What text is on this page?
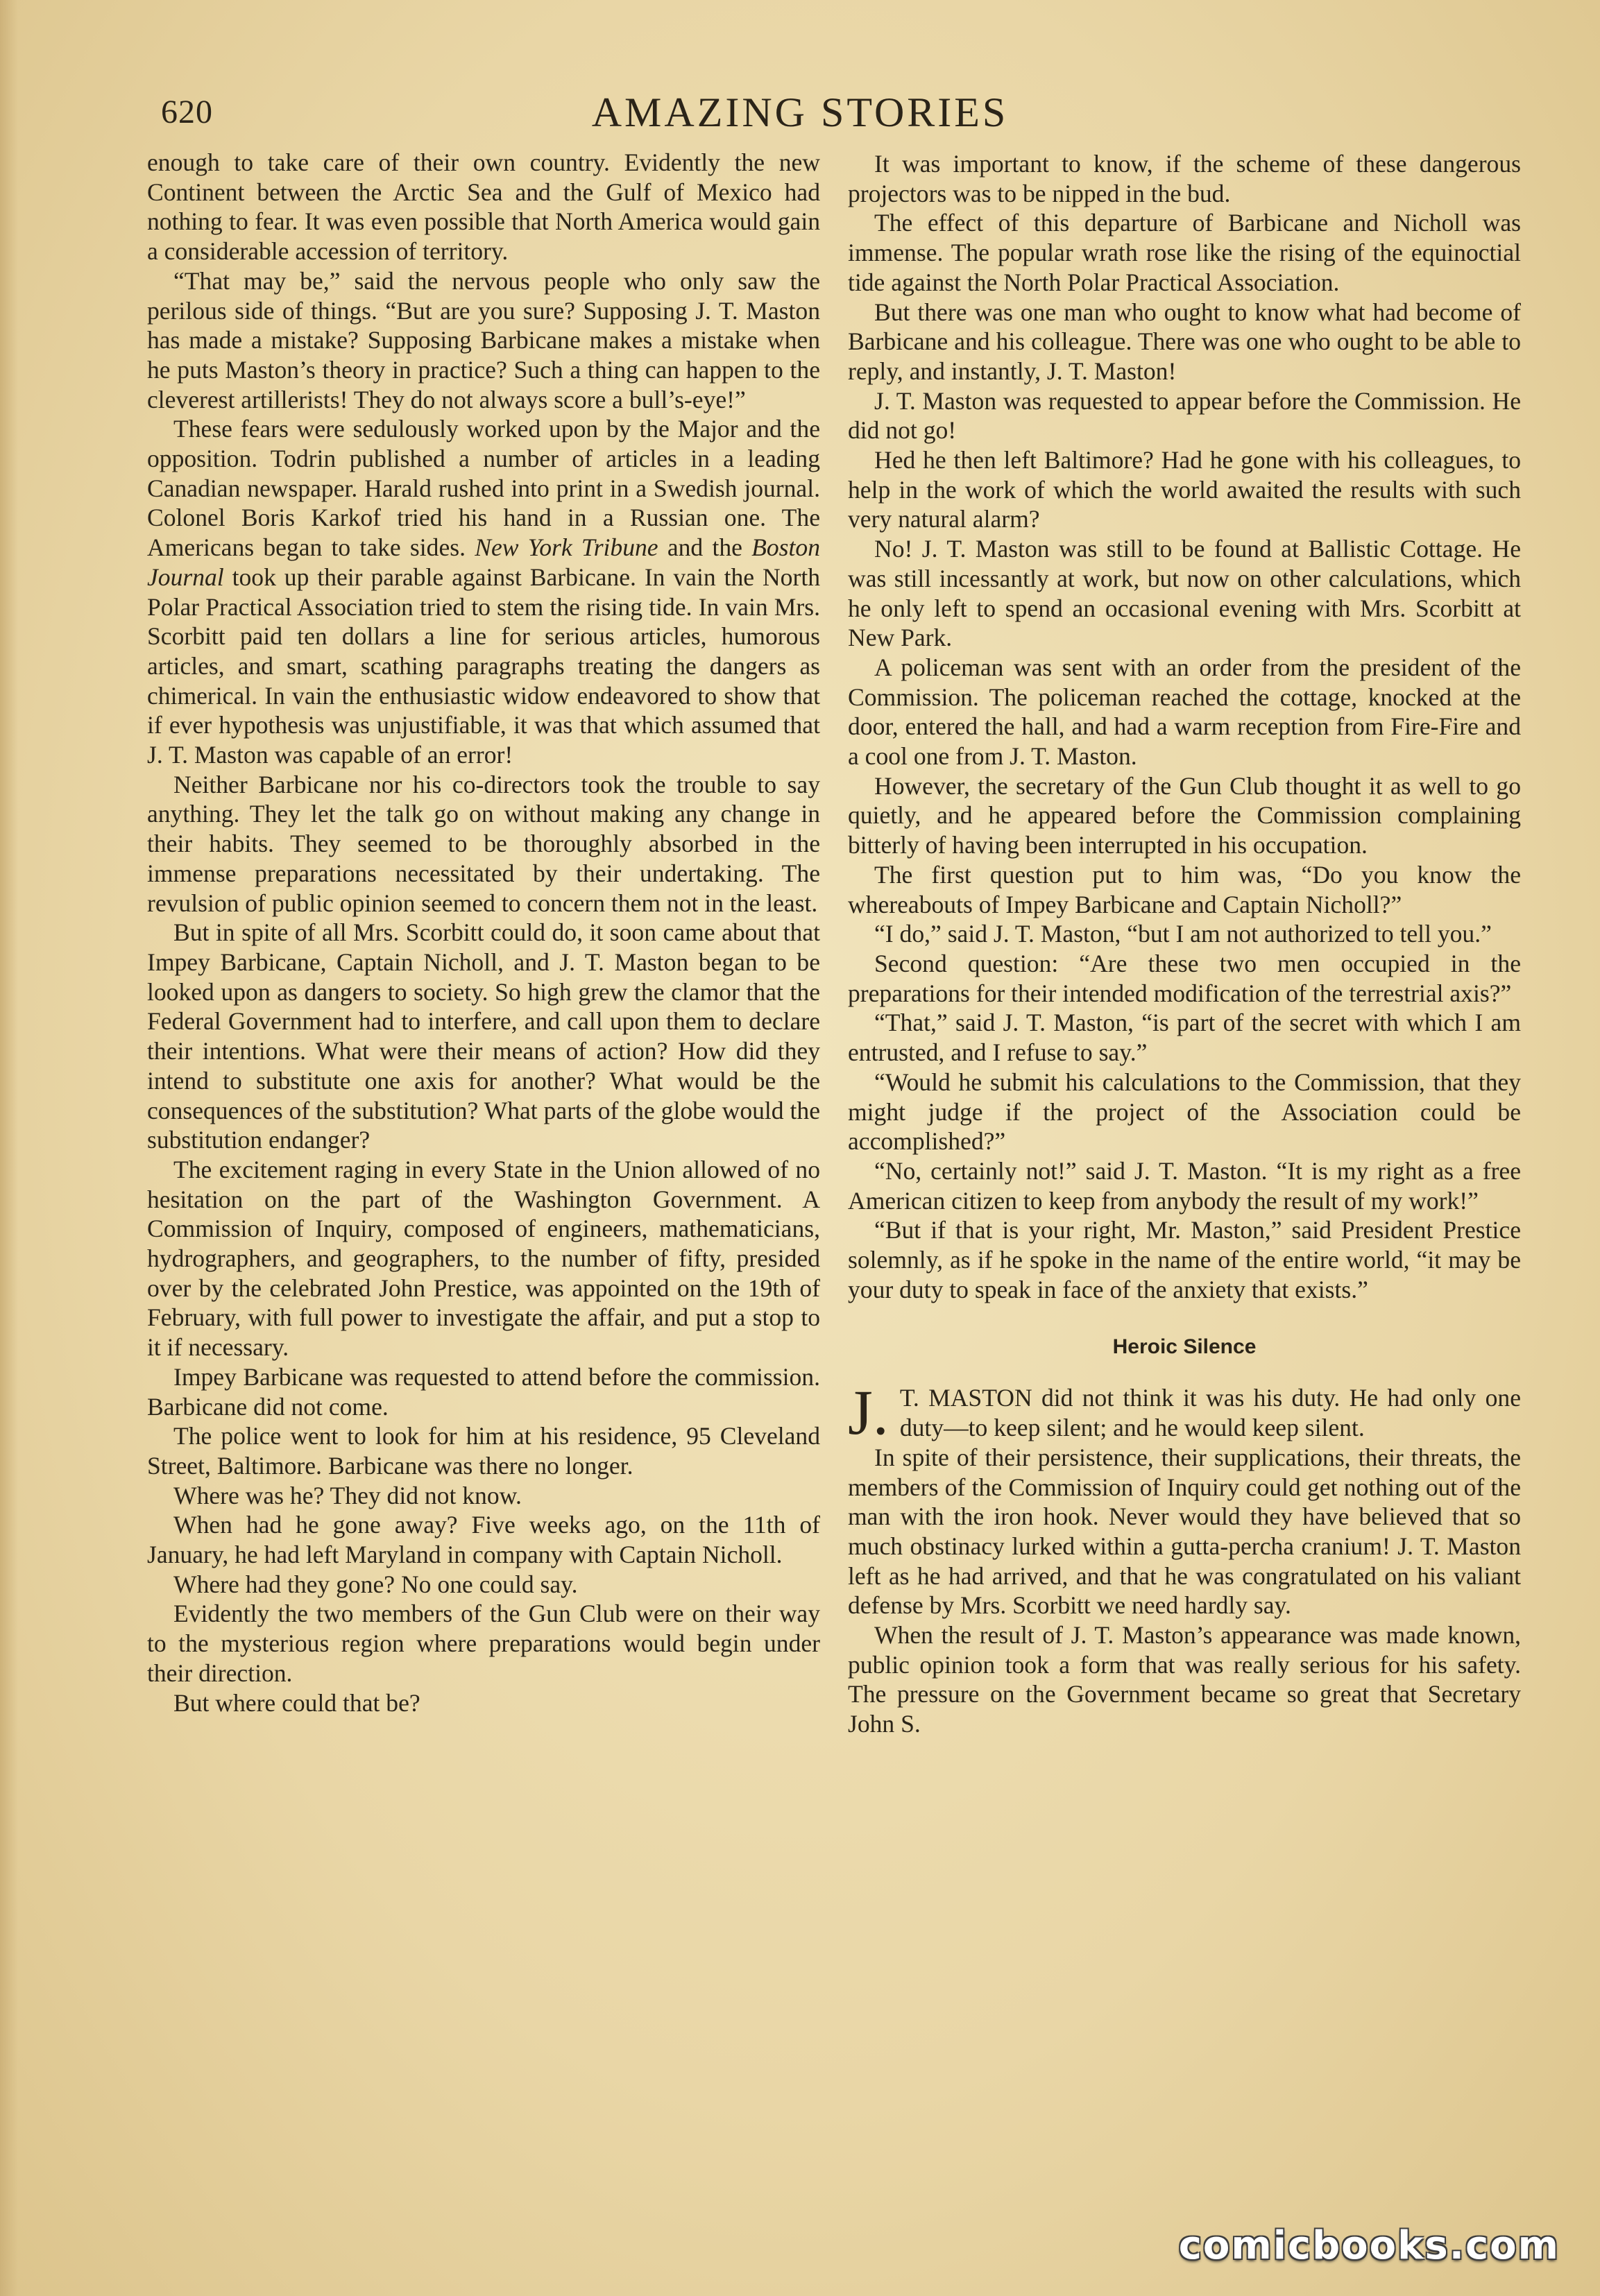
AMAZING STORIES
620

enough to take care of their own country. Evidently the new Continent between the Arctic Sea and the Gulf of Mexico had nothing to fear. It was even possible that North America would gain a considerable accession of territory.

“That may be,” said the nervous people who only saw the perilous side of things. “But are you sure? Supposing J. T. Maston has made a mistake? Supposing Barbicane makes a mistake when he puts Maston’s theory in practice? Such a thing can happen to the cleverest artillerists! They do not always score a bull’s-eye!”

These fears were sedulously worked upon by the Major and the opposition. Todrin published a number of articles in a leading Canadian newspaper. Harald rushed into print in a Swedish journal. Colonel Boris Karkof tried his hand in a Russian one. The Americans began to take sides. New York Tribune and the Boston Journal took up their parable against Barbicane. In vain the North Polar Practical Association tried to stem the rising tide. In vain Mrs. Scorbitt paid ten dollars a line for serious articles, humorous articles, and smart, scathing paragraphs treating the dangers as chimerical. In vain the enthusiastic widow endeavored to show that if ever hypothesis was unjustifiable, it was that which assumed that J. T. Maston was capable of an error!

Neither Barbicane nor his co-directors took the trouble to say anything. They let the talk go on without making any change in their habits. They seemed to be thoroughly absorbed in the immense preparations necessitated by their undertaking. The revulsion of public opinion seemed to concern them not in the least.

But in spite of all Mrs. Scorbitt could do, it soon came about that Impey Barbicane, Captain Nicholl, and J. T. Maston began to be looked upon as dangers to society. So high grew the clamor that the Federal Government had to interfere, and call upon them to declare their intentions. What were their means of action? How did they intend to substitute one axis for another? What would be the consequences of the substitution? What parts of the globe would the substitution endanger?

The excitement raging in every State in the Union allowed of no hesitation on the part of the Washington Government. A Commission of Inquiry, composed of engineers, mathematicians, hydrographers, and geographers, to the number of fifty, presided over by the celebrated John Prestice, was appointed on the 19th of February, with full power to investigate the affair, and put a stop to it if necessary.

Impey Barbicane was requested to attend before the commission. Barbicane did not come.

The police went to look for him at his residence, 95 Cleveland Street, Baltimore. Barbicane was there no longer.

Where was he? They did not know.

When had he gone away? Five weeks ago, on the 11th of January, he had left Maryland in company with Captain Nicholl.

Where had they gone? No one could say.

Evidently the two members of the Gun Club were on their way to the mysterious region where preparations would begin under their direction.

But where could that be?

It was important to know, if the scheme of these dangerous projectors was to be nipped in the bud.

The effect of this departure of Barbicane and Nicholl was immense. The popular wrath rose like the rising of the equinoctial tide against the North Polar Practical Association.

But there was one man who ought to know what had become of Barbicane and his colleague. There was one who ought to be able to reply, and instantly, J. T. Maston!

J. T. Maston was requested to appear before the Commission. He did not go!

Hed he then left Baltimore? Had he gone with his colleagues, to help in the work of which the world awaited the results with such very natural alarm?

No! J. T. Maston was still to be found at Ballistic Cottage. He was still incessantly at work, but now on other calculations, which he only left to spend an occasional evening with Mrs. Scorbitt at New Park.

A policeman was sent with an order from the president of the Commission. The policeman reached the cottage, knocked at the door, entered the hall, and had a warm reception from Fire-Fire and a cool one from J. T. Maston.

However, the secretary of the Gun Club thought it as well to go quietly, and he appeared before the Commission complaining bitterly of having been interrupted in his occupation.

The first question put to him was, “Do you know the whereabouts of Impey Barbicane and Captain Nicholl?”

“I do,” said J. T. Maston, “but I am not authorized to tell you.”

Second question: “Are these two men occupied in the preparations for their intended modification of the terrestrial axis?”

“That,” said J. T. Maston, “is part of the secret with which I am entrusted, and I refuse to say.”

“Would he submit his calculations to the Commission, that they might judge if the project of the Association could be accomplished?”

“No, certainly not!” said J. T. Maston. “It is my right as a free American citizen to keep from anybody the result of my work!”

“But if that is your right, Mr. Maston,” said President Prestice solemnly, as if he spoke in the name of the entire world, “it may be your duty to speak in face of the anxiety that exists.”

Heroic Silence

J. T. MASTON did not think it was his duty. He had only one duty—to keep silent; and he would keep silent.

In spite of their persistence, their supplications, their threats, the members of the Commission of Inquiry could get nothing out of the man with the iron hook. Never would they have believed that so much obstinacy lurked within a gutta-percha cranium! J. T. Maston left as he had arrived, and that he was congratulated on his valiant defense by Mrs. Scorbitt we need hardly say.

When the result of J. T. Maston’s appearance was made known, public opinion took a form that was really serious for his safety. The pressure on the Government became so great that Secretary John S.

comicbooks.com
